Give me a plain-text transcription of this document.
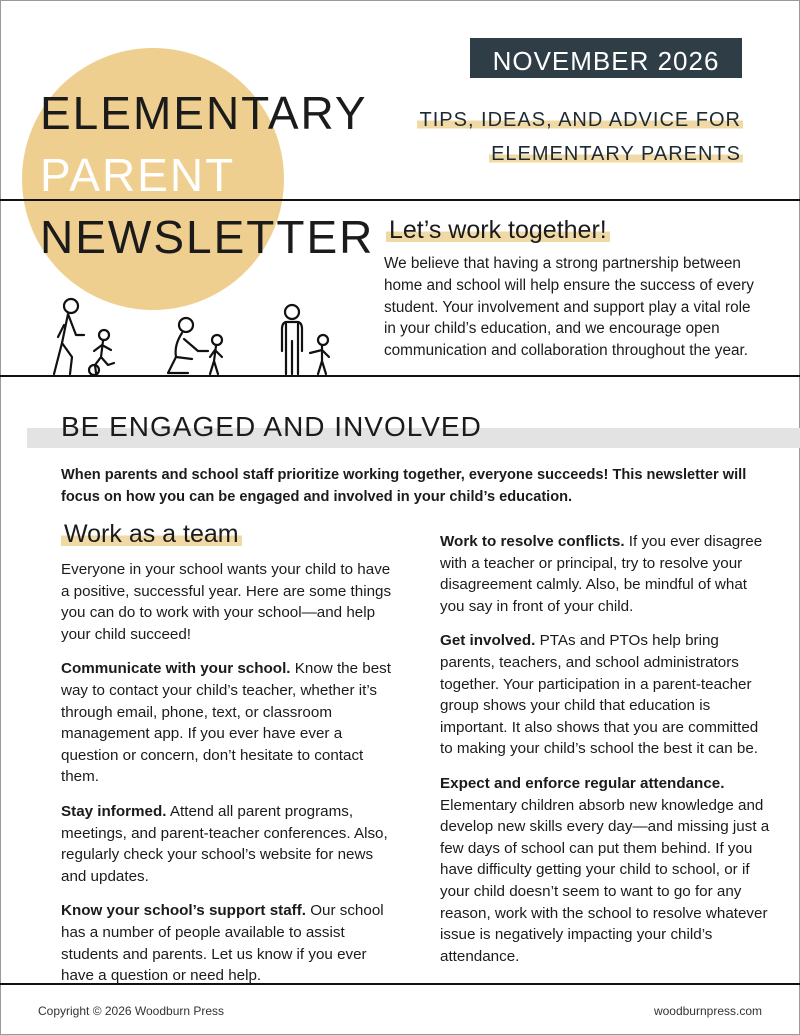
NOVEMBER 2026
TIPS, IDEAS, AND ADVICE FOR
ELEMENTARY PARENTS
ELEMENTARY
PARENT
NEWSLETTER Let’s work together!
We believe that having a strong partnership between home and school will help ensure the success of every student. Your involvement and support play a vital role in your child’s education, and we encourage open communication and collaboration throughout the year.
BE ENGAGED AND INVOLVED
When parents and school staff prioritize working together, everyone succeeds! This newsletter will focus on how you can be engaged and involved in your child’s education.
Work as a team

Everyone in your school wants your child to have a positive, successful year. Here are some things you can do to work with your school—and help your child succeed!

Communicate with your school. Know the best way to contact your child’s teacher, whether it’s through email, phone, text, or classroom management app. If you ever have ever a question or concern, don’t hesitate to contact them.

Stay informed. Attend all parent programs, meetings, and parent-teacher conferences. Also, regularly check your school’s website for news and updates.

Know your school’s support staff. Our school has a number of people available to assist students and parents. Let us know if you ever have a question or need help.

Work to resolve conflicts. If you ever disagree with a teacher or principal, try to resolve your disagreement calmly. Also, be mindful of what you say in front of your child.

Get involved. PTAs and PTOs help bring parents, teachers, and school administrators together. Your participation in a parent-teacher group shows your child that education is important. It also shows that you are committed to making your child’s school the best it can be.

Expect and enforce regular attendance. Elementary children absorb new knowledge and develop new skills every day—and missing just a few days of school can put them behind. If you have difficulty getting your child to school, or if your child doesn’t seem to want to go for any reason, work with the school to resolve whatever issue is negatively impacting your child’s attendance.

Copyright © 2026 Woodburn Press	woodburnpress.com
